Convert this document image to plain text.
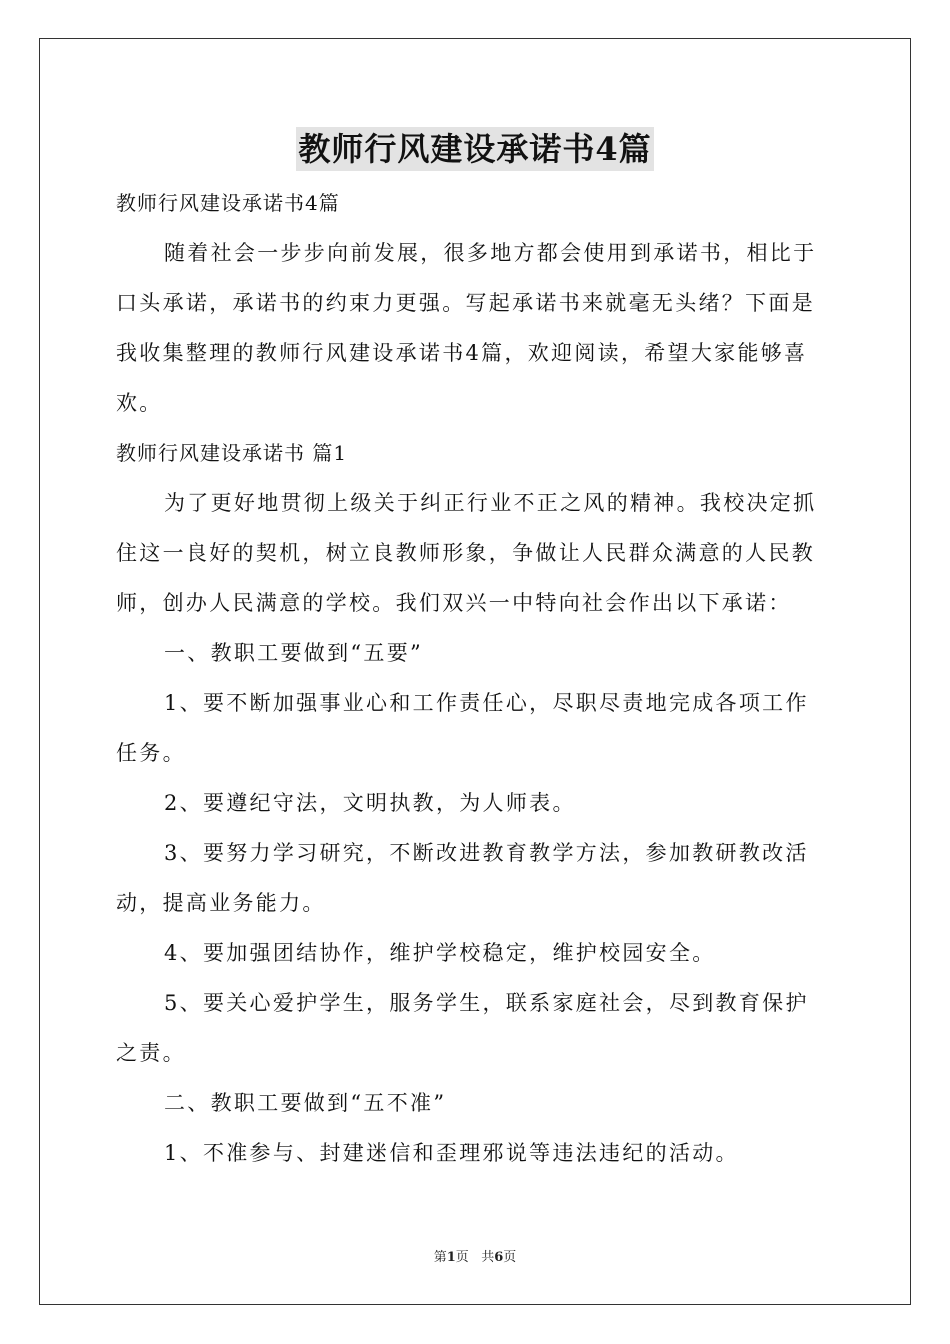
教师行风建设承诺书4篇

教师行风建设承诺书4篇

随着社会一步步向前发展，很多地方都会使用到承诺书，相比于

口头承诺，承诺书的约束力更强。写起承诺书来就毫无头绪？下面是

我收集整理的教师行风建设承诺书4篇，欢迎阅读，希望大家能够喜

欢。

教师行风建设承诺书 篇1

为了更好地贯彻上级关于纠正行业不正之风的精神。我校决定抓

住这一良好的契机，树立良教师形象，争做让人民群众满意的人民教

师，创办人民满意的学校。我们双兴一中特向社会作出以下承诺：

一、教职工要做到“五要”

1、要不断加强事业心和工作责任心，尽职尽责地完成各项工作

任务。

2、要遵纪守法，文明执教，为人师表。

3、要努力学习研究，不断改进教育教学方法，参加教研教改活

动，提高业务能力。

4、要加强团结协作，维护学校稳定，维护校园安全。

5、要关心爱护学生，服务学生，联系家庭社会，尽到教育保护

之责。

二、教职工要做到“五不准”

1、不准参与、封建迷信和歪理邪说等违法违纪的活动。

第1页 共6页
